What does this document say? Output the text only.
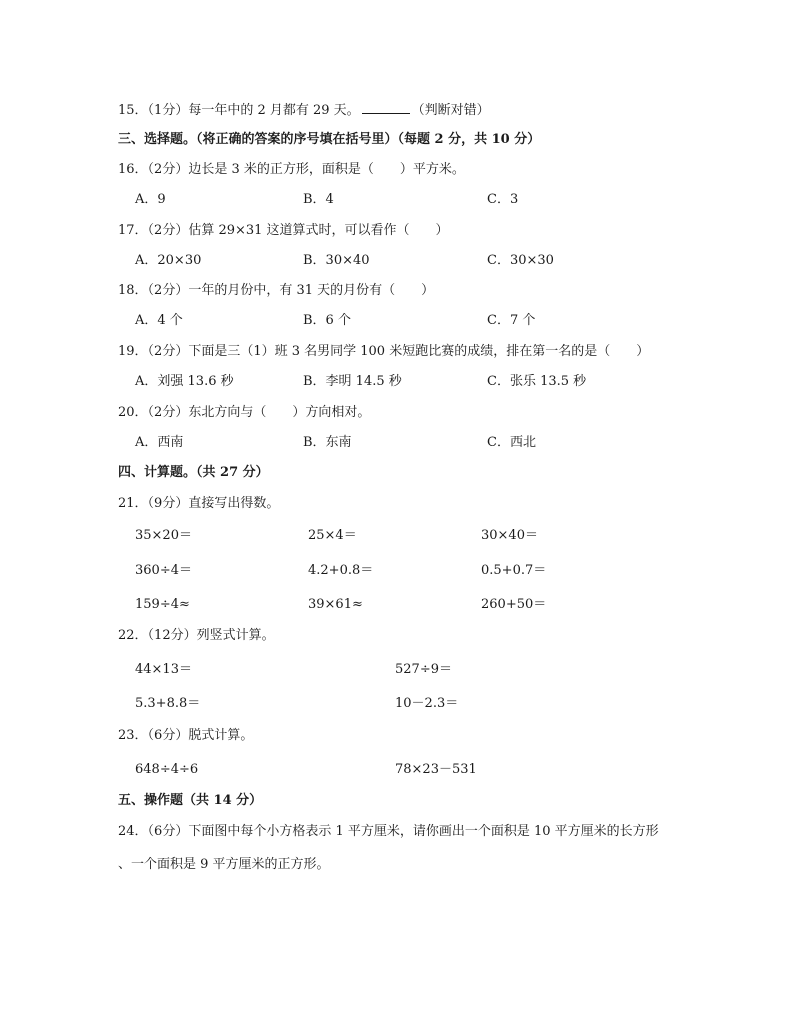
15．（1分）每一年中的 2 月都有 29 天。	（判断对错）
三、选择题。（将正确的答案的序号填在括号里）（每题 2 分，共 10 分）
16．（2分）边长是 3 米的正方形，面积是（　　）平方米。
A．9	B．4	C．3
17．（2分）估算 29×31 这道算式时，可以看作（　　）
A．20×30	B．30×40	C．30×30
18．（2分）一年的月份中，有 31 天的月份有（　　）
A．4 个	B．6 个	C．7 个
19．（2分）下面是三（1）班 3 名男同学 100 米短跑比赛的成绩，排在第一名的是（　　）
A．刘强 13.6 秒	B．李明 14.5 秒	C．张乐 13.5 秒
20．（2分）东北方向与（　　）方向相对。
A．西南	B．东南	C．西北
四、计算题。（共 27 分）
21．（9分）直接写出得数。
35×20＝	25×4＝	30×40＝
360÷4＝	4.2+0.8＝	0.5+0.7＝
159÷4≈	39×61≈	260+50＝
22．（12分）列竖式计算。
44×13＝	527÷9＝
5.3+8.8＝	10－2.3＝
23．（6分）脱式计算。
648÷4÷6	78×23－531
五、操作题（共 14 分）
24．（6分）下面图中每个小方格表示 1 平方厘米，请你画出一个面积是 10 平方厘米的长方形
、一个面积是 9 平方厘米的正方形。
